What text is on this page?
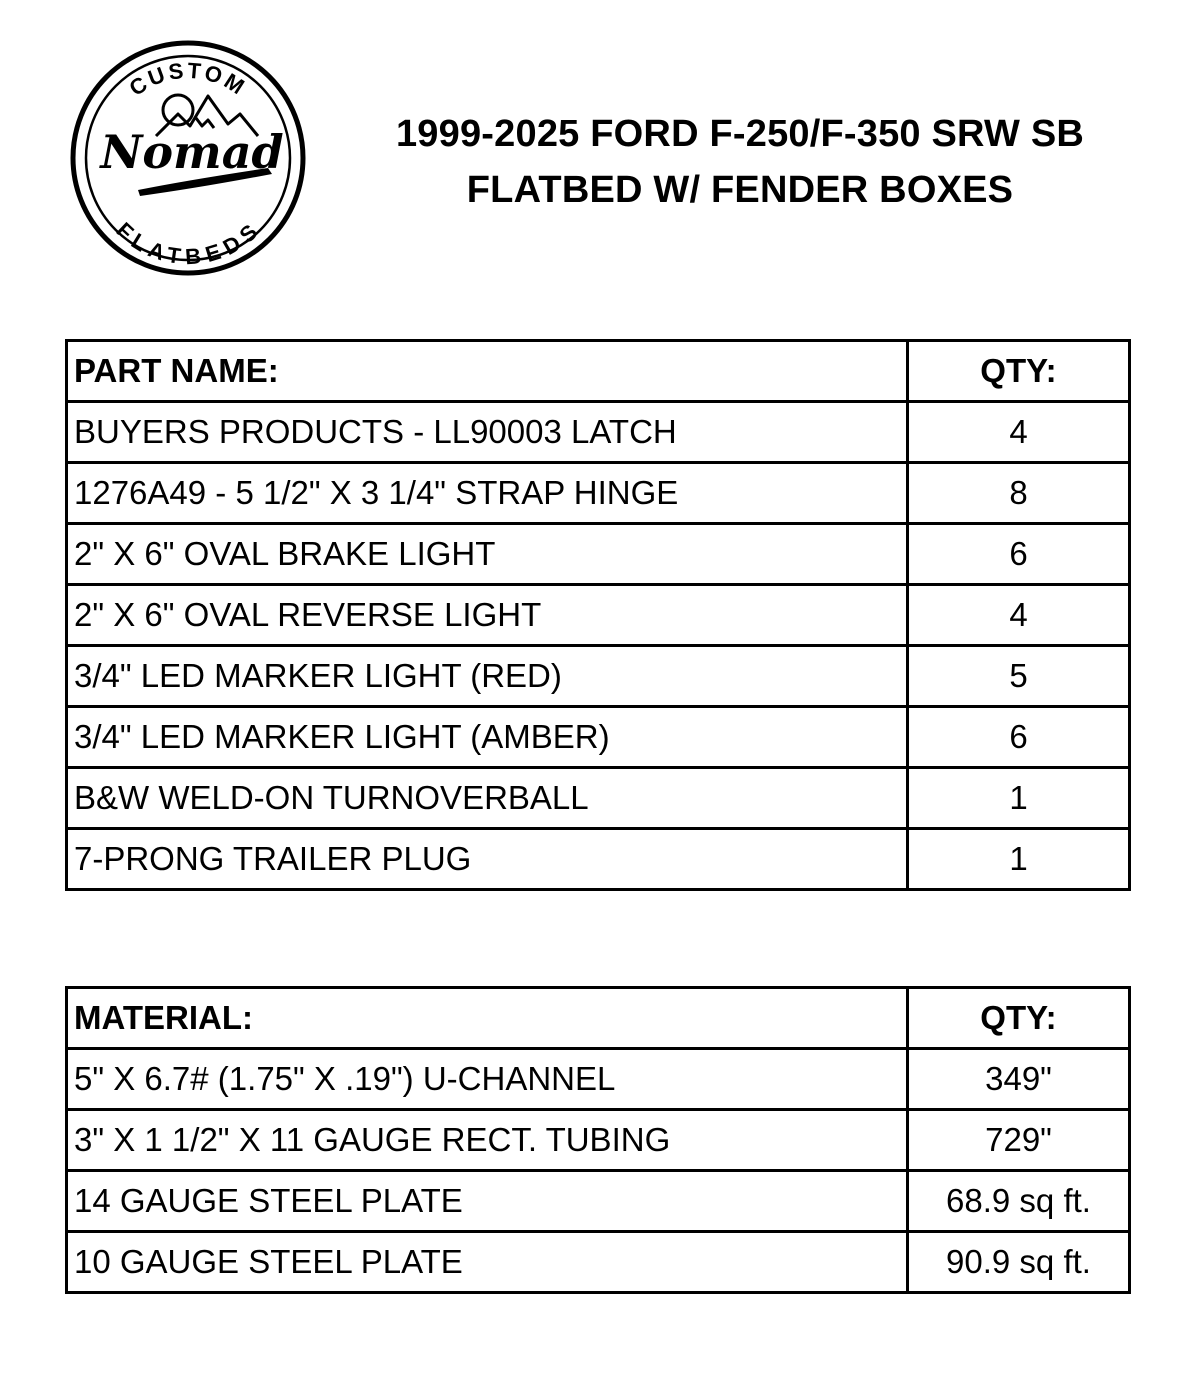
CUSTOM
FLATBEDS
Nomad	1999-2025 FORD F-250/F-350 SRW SB
FLATBED W/ FENDER BOXES
PART NAME:	QTY:
BUYERS PRODUCTS - LL90003 LATCH	4
1276A49 - 5 1/2" X 3 1/4" STRAP HINGE	8
2" X 6" OVAL BRAKE LIGHT	6
2" X 6" OVAL REVERSE LIGHT	4
3/4" LED MARKER LIGHT (RED)	5
3/4" LED MARKER LIGHT (AMBER)	6
B&W WELD-ON TURNOVERBALL	1
7-PRONG TRAILER PLUG	1
MATERIAL:	QTY:
5" X 6.7# (1.75" X .19") U-CHANNEL	349"
3" X 1 1/2" X 11 GAUGE RECT. TUBING	729"
14 GAUGE STEEL PLATE	68.9 sq ft.
10 GAUGE STEEL PLATE	90.9 sq ft.
